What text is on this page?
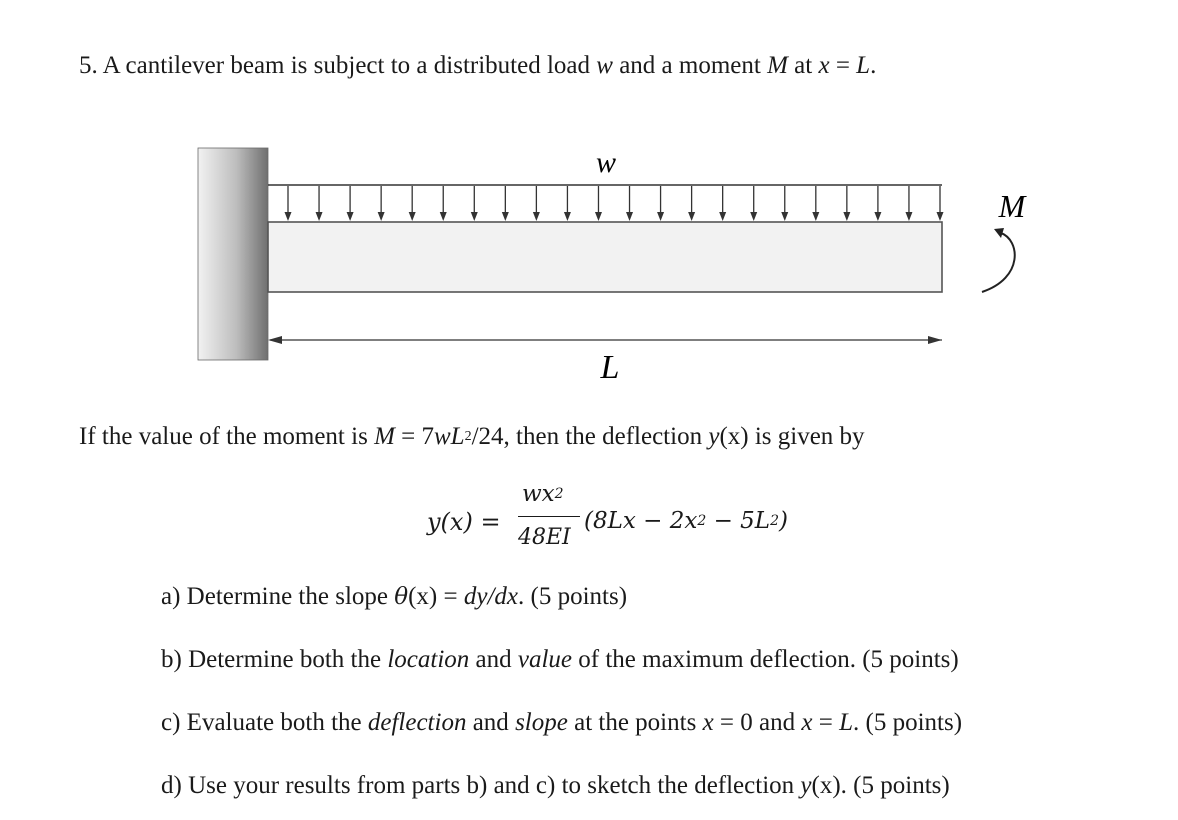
5. A cantilever beam is subject to a distributed load w and a moment M at x = L.
w
M
L
If the value of the moment is $M = 7wL^2/24$, then the deflection y(x) is given by
y(x) =
$wx^2$
48EI
$(8Lx - 2x^2 - 5L^2)$
a) Determine the slope θ(x) = dy/dx. (5 points)
b) Determine both the location and value of the maximum deflection. (5 points)
c) Evaluate both the deflection and slope at the points x = 0 and x = L. (5 points)
d) Use your results from parts b) and c) to sketch the deflection y(x). (5 points)
